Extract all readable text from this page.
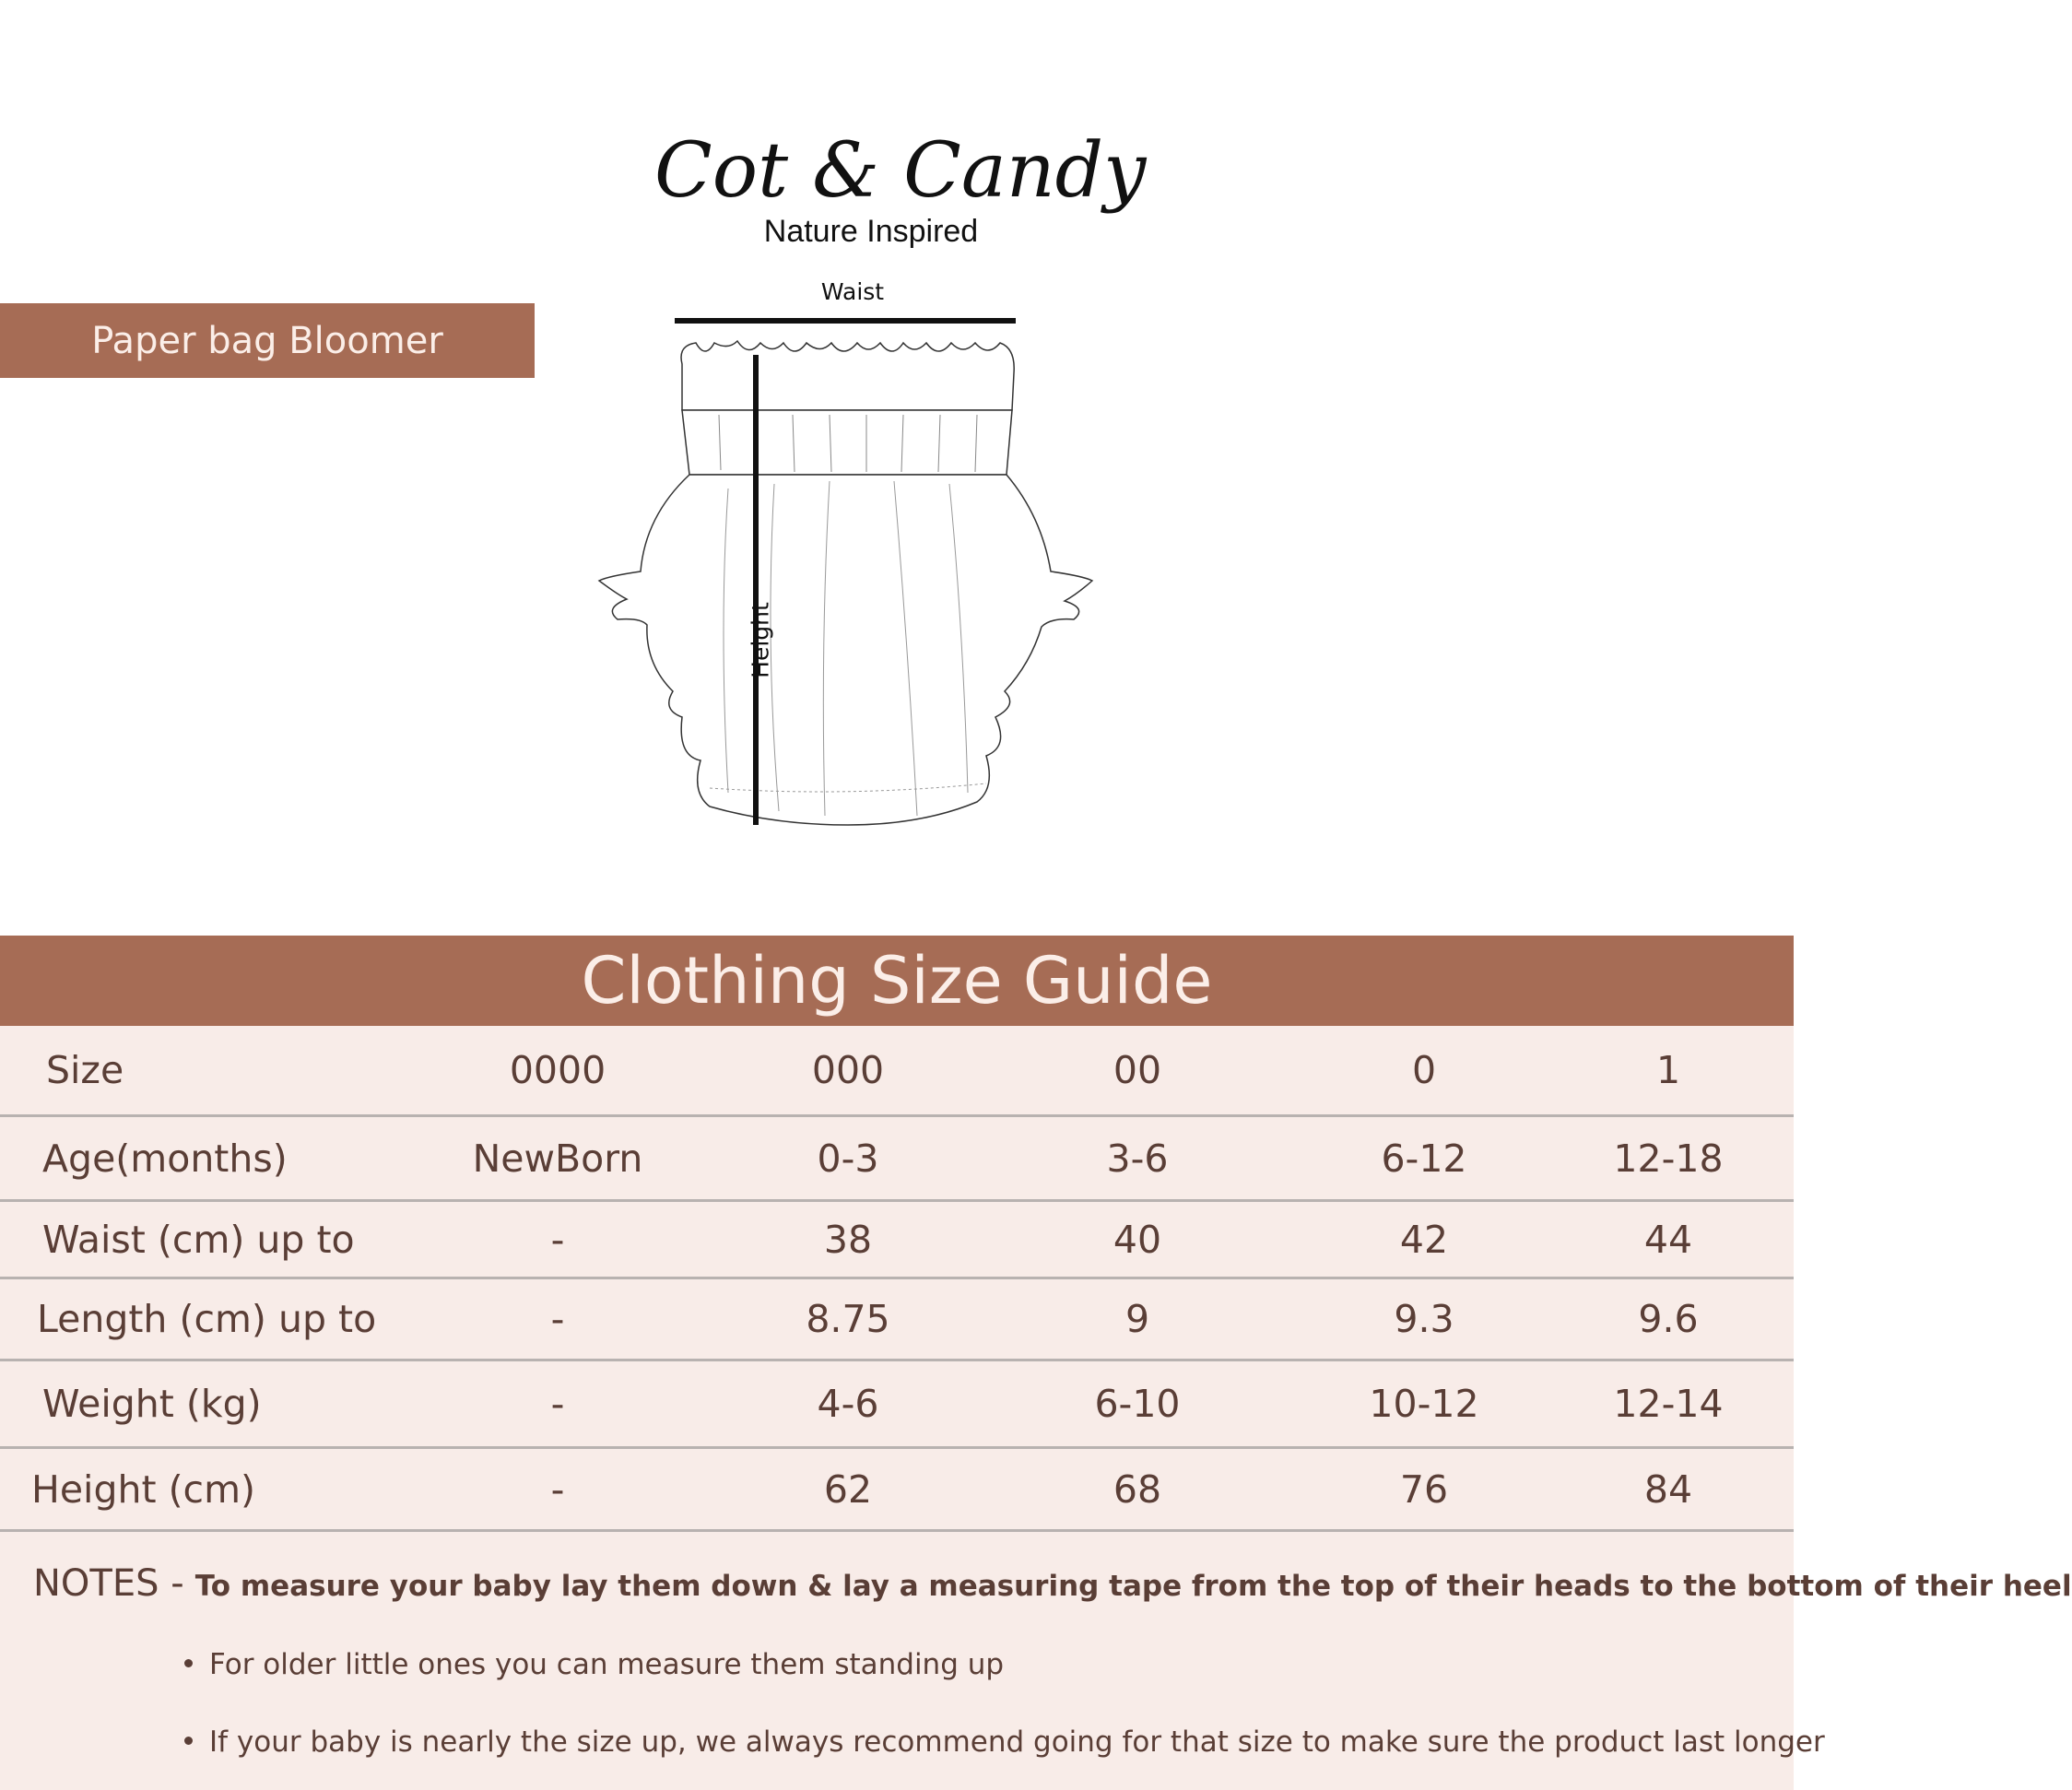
Cot & Candy
Nature Inspired
Paper bag Bloomer
Waist
Height
Clothing Size Guide
Size	0000	000	00	0	1
Age(months)	NewBorn	0-3	3-6	6-12	12-18
Waist (cm) up to	-	38	40	42	44
Length (cm) up to	-	8.75	9	9.3	9.6
Weight (kg)	-	4-6	6-10	10-12	12-14
Height (cm)	-	62	68	76	84
NOTES - To measure your baby lay them down & lay a measuring tape from the top of their heads to the bottom of their heel
For older little ones you can measure them standing up
If your baby is nearly the size up, we always recommend going for that size to make sure the product last longer
